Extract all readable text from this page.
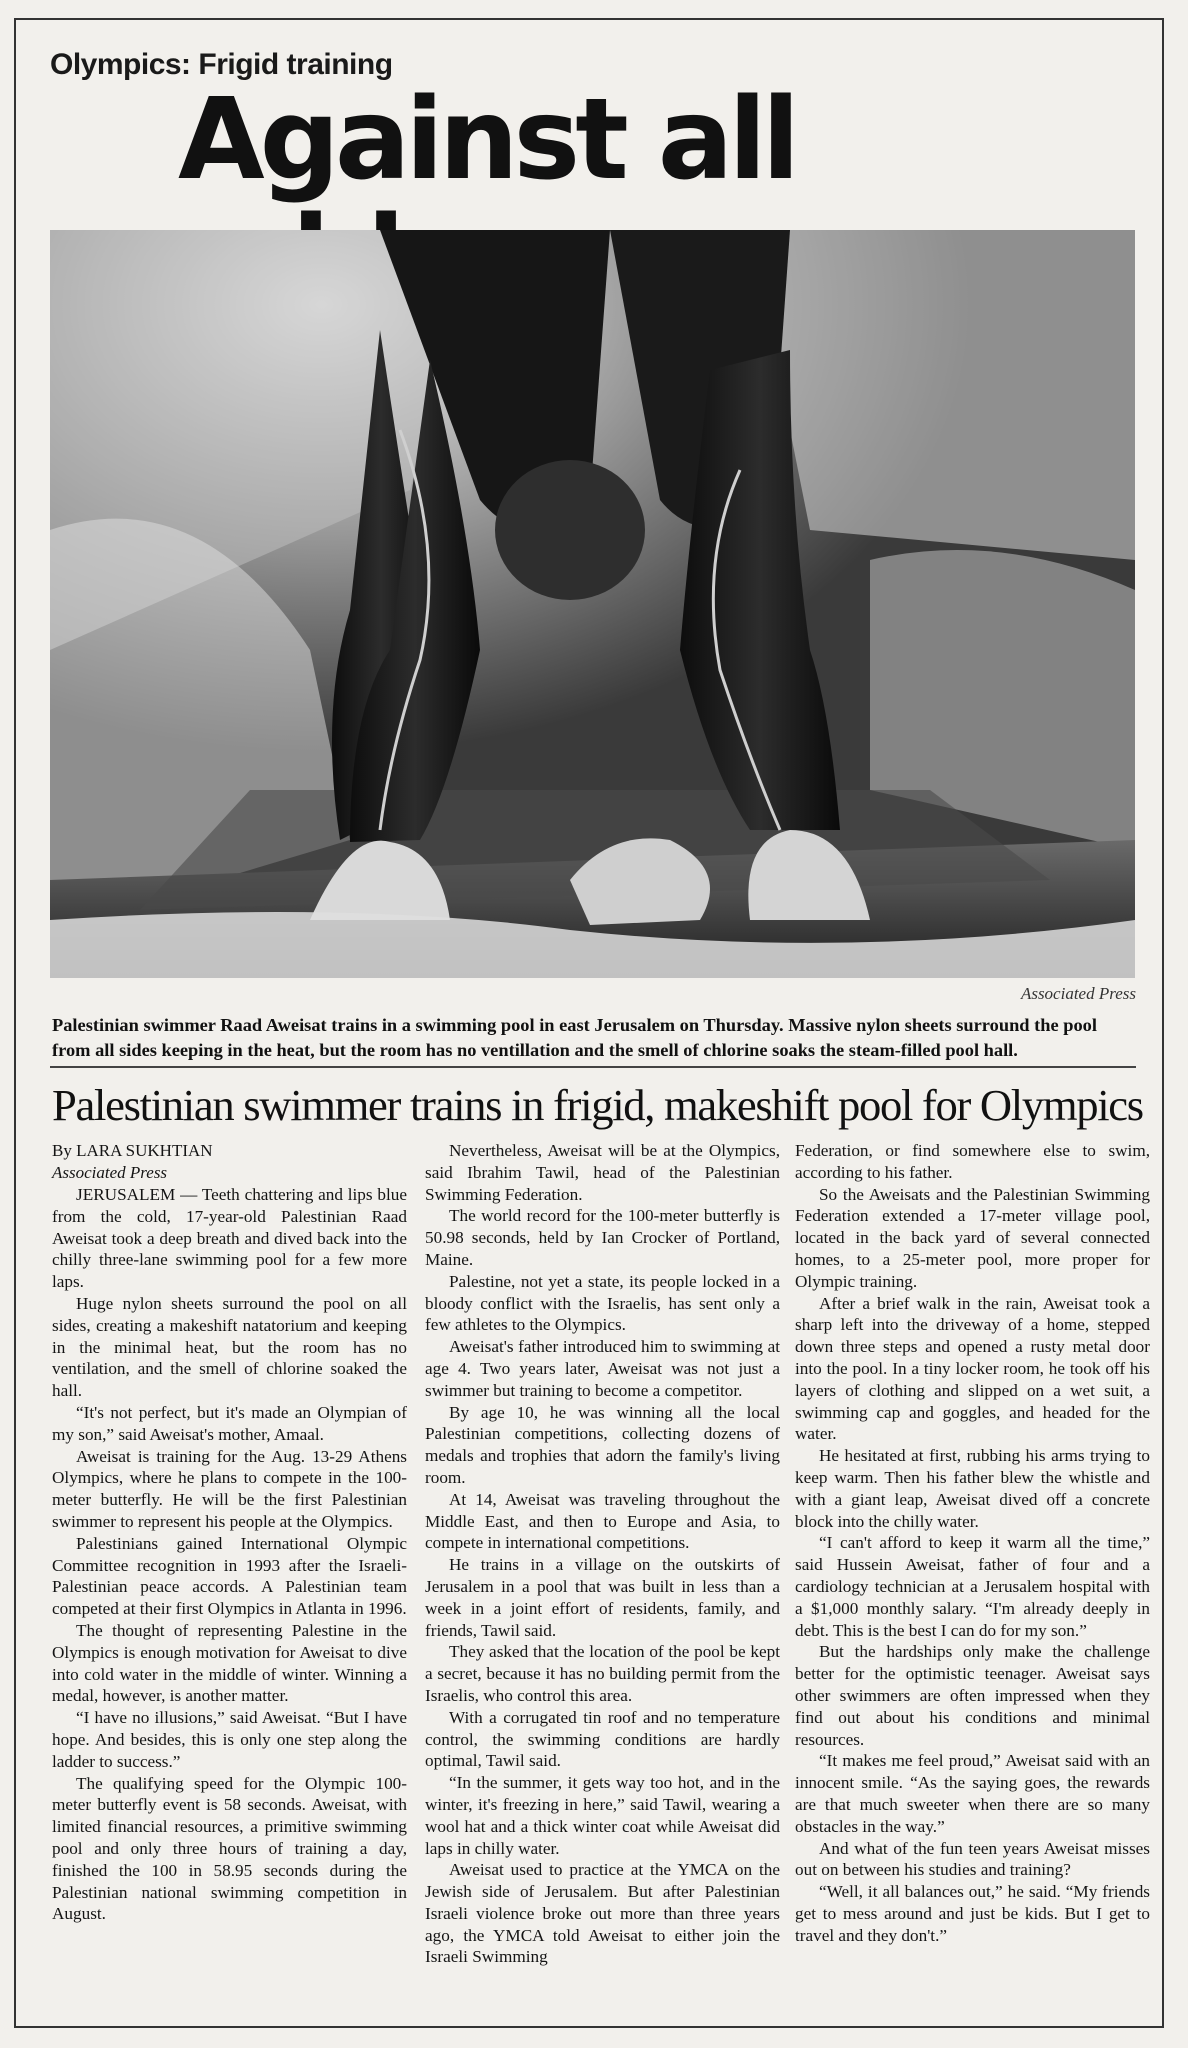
Olympics: Frigid training
Against all
Associated Press

Palestinian swimmer Raad Aweisat trains in a swimming pool in east Jerusalem on Thursday. Massive nylon sheets surround the pool from all sides keeping in the heat, but the room has no ventillation and the smell of chlorine soaks the steam-filled pool hall.

Palestinian swimmer trains in frigid, makeshift pool for Olympics
By LARA SUKHTIAN
Associated Press

JERUSALEM — Teeth chattering and lips blue from the cold, 17-year-old Palestinian Raad Aweisat took a deep breath and dived back into the chilly three-lane swimming pool for a few more laps.

Huge nylon sheets surround the pool on all sides, creating a makeshift natatorium and keeping in the minimal heat, but the room has no ventilation, and the smell of chlorine soaked the hall.

“It's not perfect, but it's made an Olympian of my son,” said Aweisat's mother, Amaal.

Aweisat is training for the Aug. 13-29 Athens Olympics, where he plans to compete in the 100-meter butterfly. He will be the first Palestinian swimmer to represent his people at the Olympics.

Palestinians gained International Olympic Committee recognition in 1993 after the Israeli-Palestinian peace accords. A Palestinian team competed at their first Olympics in Atlanta in 1996.

The thought of representing Palestine in the Olympics is enough motivation for Aweisat to dive into cold water in the middle of winter. Winning a medal, however, is another matter.

“I have no illusions,” said Aweisat. “But I have hope. And besides, this is only one step along the ladder to success.”

The qualifying speed for the Olympic 100-meter butterfly event is 58 seconds. Aweisat, with limited financial resources, a primitive swimming pool and only three hours of training a day, finished the 100 in 58.95 seconds during the Palestinian national swimming competition in August.

Nevertheless, Aweisat will be at the Olympics, said Ibrahim Tawil, head of the Palestinian Swimming Federation.

The world record for the 100-meter butterfly is 50.98 seconds, held by Ian Crocker of Portland, Maine.

Palestine, not yet a state, its people locked in a bloody conflict with the Israelis, has sent only a few athletes to the Olympics.

Aweisat's father introduced him to swimming at age 4. Two years later, Aweisat was not just a swimmer but training to become a competitor.

By age 10, he was winning all the local Palestinian competitions, collecting dozens of medals and trophies that adorn the family's living room.

At 14, Aweisat was traveling throughout the Middle East, and then to Europe and Asia, to compete in international competitions.

He trains in a village on the outskirts of Jerusalem in a pool that was built in less than a week in a joint effort of residents, family, and friends, Tawil said.

They asked that the location of the pool be kept a secret, because it has no building permit from the Israelis, who control this area.

With a corrugated tin roof and no temperature control, the swimming conditions are hardly optimal, Tawil said.

“In the summer, it gets way too hot, and in the winter, it's freezing in here,” said Tawil, wearing a wool hat and a thick winter coat while Aweisat did laps in chilly water.

Aweisat used to practice at the YMCA on the Jewish side of Jerusalem. But after Palestinian Israeli violence broke out more than three years ago, the YMCA told Aweisat to either join the Israeli Swimming

Federation, or find somewhere else to swim, according to his father.

So the Aweisats and the Palestinian Swimming Federation extended a 17-meter village pool, located in the back yard of several connected homes, to a 25-meter pool, more proper for Olympic training.

After a brief walk in the rain, Aweisat took a sharp left into the driveway of a home, stepped down three steps and opened a rusty metal door into the pool. In a tiny locker room, he took off his layers of clothing and slipped on a wet suit, a swimming cap and goggles, and headed for the water.

He hesitated at first, rubbing his arms trying to keep warm. Then his father blew the whistle and with a giant leap, Aweisat dived off a concrete block into the chilly water.

“I can't afford to keep it warm all the time,” said Hussein Aweisat, father of four and a cardiology technician at a Jerusalem hospital with a $1,000 monthly salary. “I'm already deeply in debt. This is the best I can do for my son.”

But the hardships only make the challenge better for the optimistic teenager. Aweisat says other swimmers are often impressed when they find out about his conditions and minimal resources.

“It makes me feel proud,” Aweisat said with an innocent smile. “As the saying goes, the rewards are that much sweeter when there are so many obstacles in the way.”

And what of the fun teen years Aweisat misses out on between his studies and training?

“Well, it all balances out,” he said. “My friends get to mess around and just be kids. But I get to travel and they don't.”
